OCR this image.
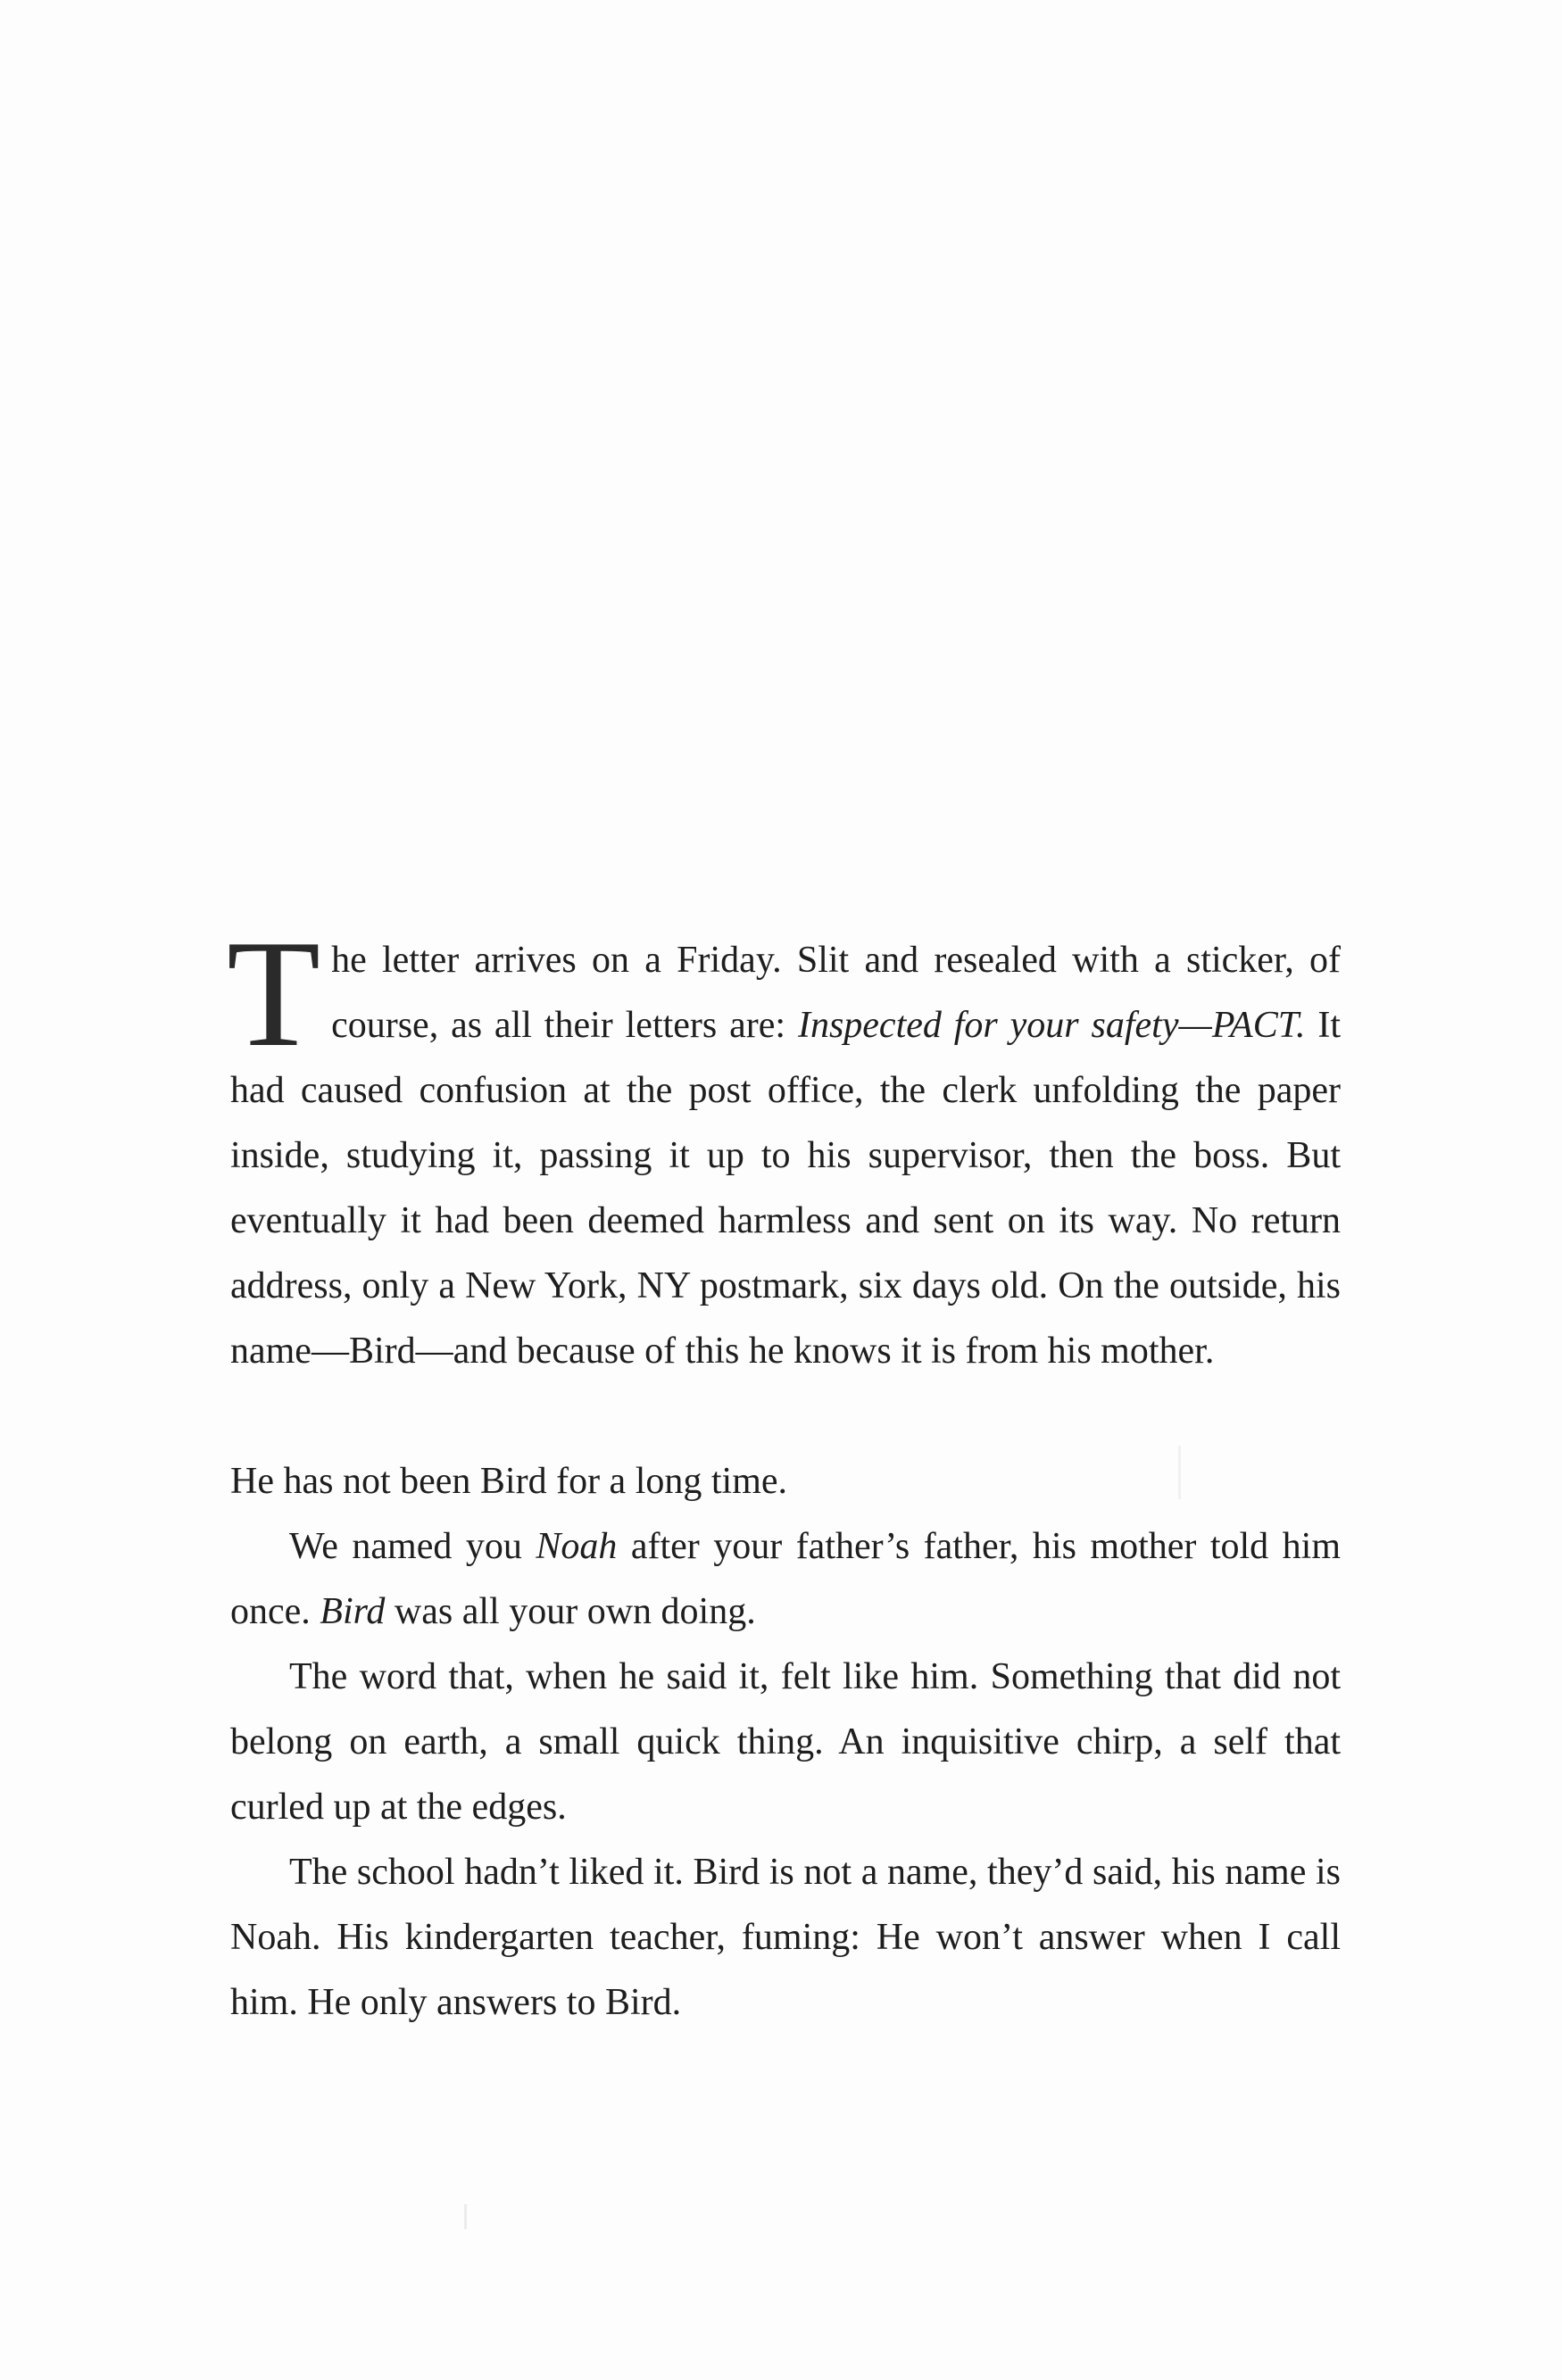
The letter arrives on a Friday. Slit and resealed with a sticker, of course, as all their letters are: Inspected for your safety—PACT. It had caused confusion at the post office, the clerk unfolding the paper inside, studying it, passing it up to his supervisor, then the boss. But eventually it had been deemed harmless and sent on its way. No return address, only a New York, NY postmark, six days old. On the outside, his name—Bird—and because of this he knows it is from his mother.

He has not been Bird for a long time.

We named you Noah after your father’s father, his mother told him once. Bird was all your own doing.

The word that, when he said it, felt like him. Something that did not belong on earth, a small quick thing. An inquisitive chirp, a self that curled up at the edges.

The school hadn’t liked it. Bird is not a name, they’d said, his name is Noah. His kindergarten teacher, fuming: He won’t answer when I call him. He only answers to Bird.
